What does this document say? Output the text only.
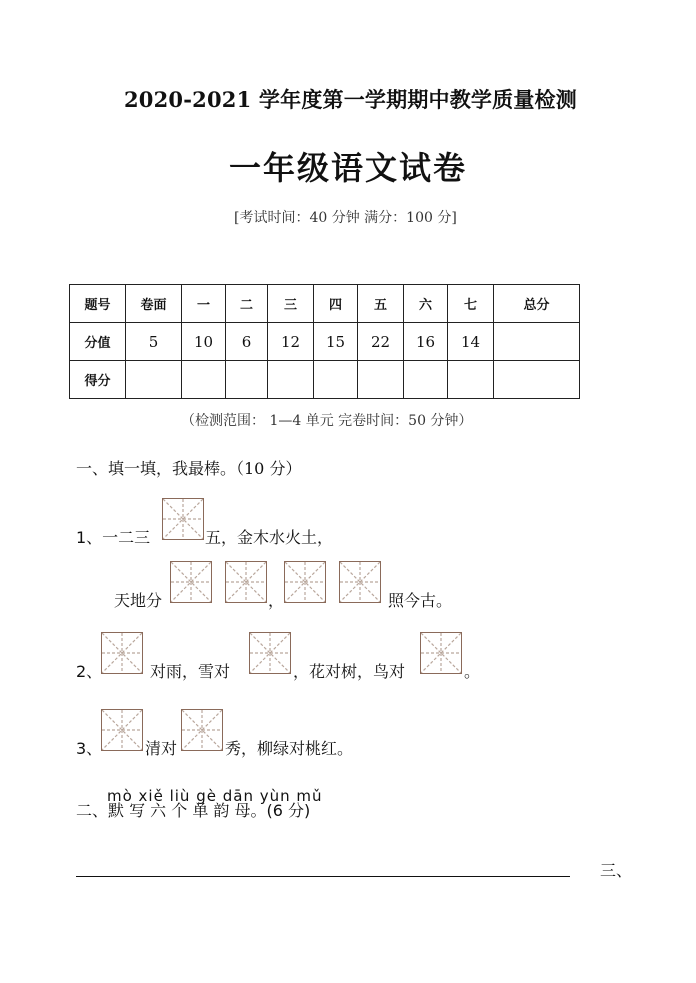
2020-2021 学年度第一学期期中教学质量检测
一年级语文试卷
[考试时间：40 分钟 满分：100 分]
题号	卷面	一	二	三	四	五	六	七	总分
分值	5	10	6	12	15	22	16	14	
得分									
（检测范围： 1—4 单元 完卷时间：50 分钟）
一、填一填，我最棒。（10 分）
1、一二三	五，金木水火土，
天地分	，	照今古。
2、	对雨，雪对	，花对树，鸟对	。
3、	清对	秀，柳绿对桃红。
mò xiě liù gè dān yùn mǔ
二、默 写 六 个 单 韵 母。(6 分)
三、
